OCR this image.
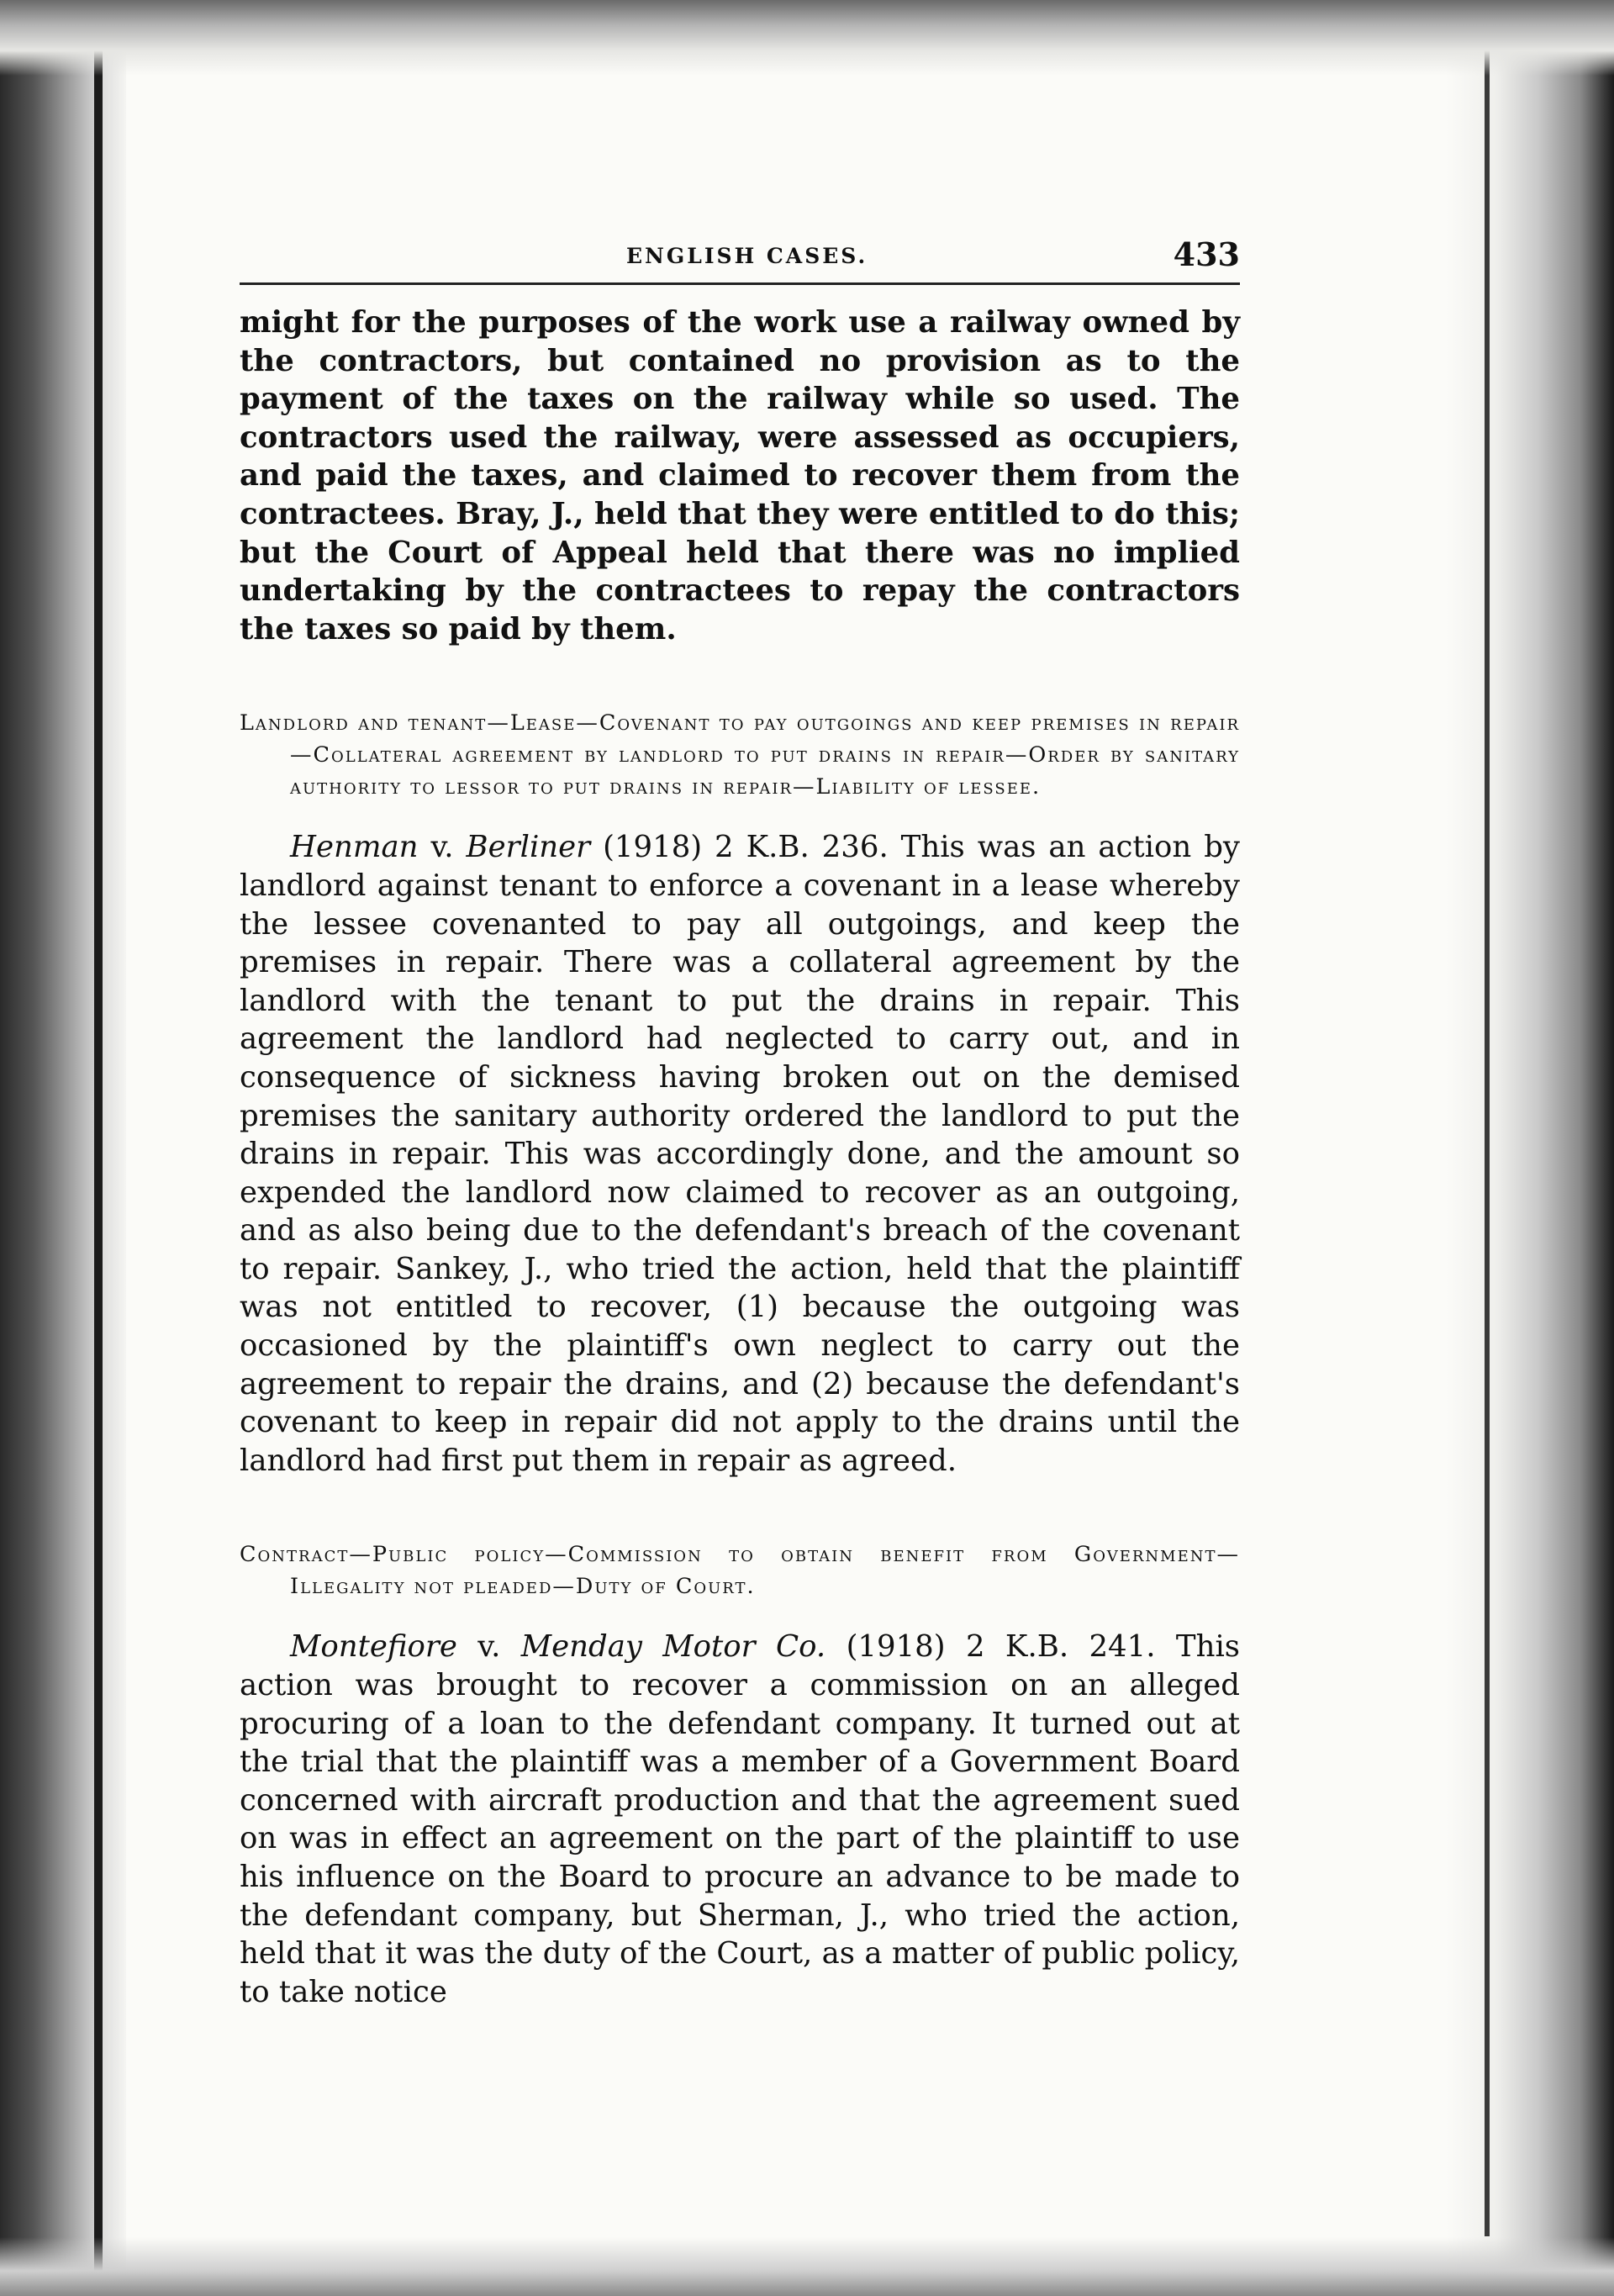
ENGLISH CASES.	433

might for the purposes of the work use a railway owned by the contractors, but contained no provision as to the payment of the taxes on the railway while so used. The contractors used the railway, were assessed as occupiers, and paid the taxes, and claimed to recover them from the contractees. Bray, J., held that they were entitled to do this; but the Court of Appeal held that there was no implied undertaking by the contractees to repay the contractors the taxes so paid by them.

Landlord and tenant—Lease—Covenant to pay outgoings and keep premises in repair—Collateral agreement by landlord to put drains in repair—Order by sanitary authority to lessor to put drains in repair—Liability of lessee.

Henman v. Berliner (1918) 2 K.B. 236. This was an action by landlord against tenant to enforce a covenant in a lease whereby the lessee covenanted to pay all outgoings, and keep the premises in repair. There was a collateral agreement by the landlord with the tenant to put the drains in repair. This agreement the landlord had neglected to carry out, and in consequence of sickness having broken out on the demised premises the sanitary authority ordered the landlord to put the drains in repair. This was accordingly done, and the amount so expended the landlord now claimed to recover as an outgoing, and as also being due to the defendant's breach of the covenant to repair. Sankey, J., who tried the action, held that the plaintiff was not entitled to recover, (1) because the outgoing was occasioned by the plaintiff's own neglect to carry out the agreement to repair the drains, and (2) because the defendant's covenant to keep in repair did not apply to the drains until the landlord had first put them in repair as agreed.

Contract—Public policy—Commission to obtain benefit from Government—Illegality not pleaded—Duty of Court.

Montefiore v. Menday Motor Co. (1918) 2 K.B. 241. This action was brought to recover a commission on an alleged procuring of a loan to the defendant company. It turned out at the trial that the plaintiff was a member of a Government Board concerned with aircraft production and that the agreement sued on was in effect an agreement on the part of the plaintiff to use his influence on the Board to procure an advance to be made to the defendant company, but Sherman, J., who tried the action, held that it was the duty of the Court, as a matter of public policy, to take notice
